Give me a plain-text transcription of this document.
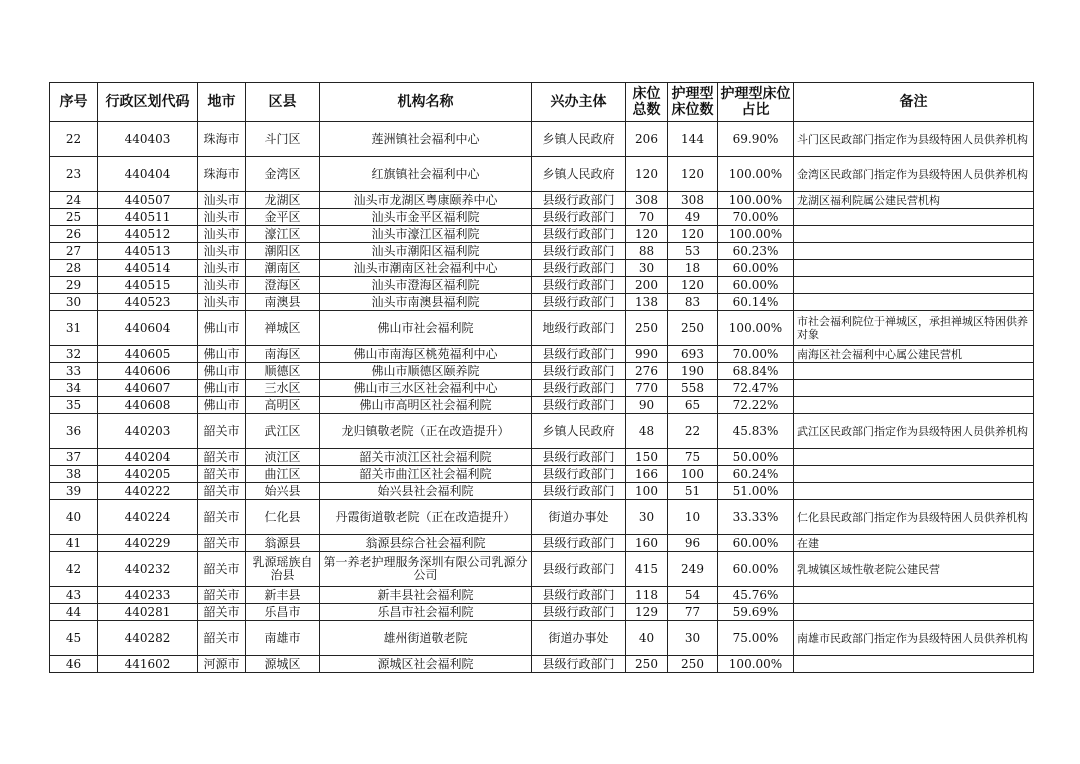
序号	行政区划代码	地市	区县	机构名称	兴办主体	床位总数	护理型床位数	护理型床位占比	备注
22	440403	珠海市	斗门区	莲洲镇社会福利中心	乡镇人民政府	206	144	69.90%	斗门区民政部门指定作为县级特困人员供养机构
23	440404	珠海市	金湾区	红旗镇社会福利中心	乡镇人民政府	120	120	100.00%	金湾区民政部门指定作为县级特困人员供养机构
24	440507	汕头市	龙湖区	汕头市龙湖区粤康颐养中心	县级行政部门	308	308	100.00%	龙湖区福利院属公建民营机构
25	440511	汕头市	金平区	汕头市金平区福利院	县级行政部门	70	49	70.00%	
26	440512	汕头市	濠江区	汕头市濠江区福利院	县级行政部门	120	120	100.00%	
27	440513	汕头市	潮阳区	汕头市潮阳区福利院	县级行政部门	88	53	60.23%	
28	440514	汕头市	潮南区	汕头市潮南区社会福利中心	县级行政部门	30	18	60.00%	
29	440515	汕头市	澄海区	汕头市澄海区福利院	县级行政部门	200	120	60.00%	
30	440523	汕头市	南澳县	汕头市南澳县福利院	县级行政部门	138	83	60.14%	
31	440604	佛山市	禅城区	佛山市社会福利院	地级行政部门	250	250	100.00%	市社会福利院位于禅城区，承担禅城区特困供养对象
32	440605	佛山市	南海区	佛山市南海区桃苑福利中心	县级行政部门	990	693	70.00%	南海区社会福利中心属公建民营机
33	440606	佛山市	顺德区	佛山市顺德区颐养院	县级行政部门	276	190	68.84%	
34	440607	佛山市	三水区	佛山市三水区社会福利中心	县级行政部门	770	558	72.47%	
35	440608	佛山市	高明区	佛山市高明区社会福利院	县级行政部门	90	65	72.22%	
36	440203	韶关市	武江区	龙归镇敬老院（正在改造提升）	乡镇人民政府	48	22	45.83%	武江区民政部门指定作为县级特困人员供养机构
37	440204	韶关市	浈江区	韶关市浈江区社会福利院	县级行政部门	150	75	50.00%	
38	440205	韶关市	曲江区	韶关市曲江区社会福利院	县级行政部门	166	100	60.24%	
39	440222	韶关市	始兴县	始兴县社会福利院	县级行政部门	100	51	51.00%	
40	440224	韶关市	仁化县	丹霞街道敬老院（正在改造提升）	街道办事处	30	10	33.33%	仁化县民政部门指定作为县级特困人员供养机构
41	440229	韶关市	翁源县	翁源县综合社会福利院	县级行政部门	160	96	60.00%	在建
42	440232	韶关市	乳源瑶族自治县	第一养老护理服务深圳有限公司乳源分公司	县级行政部门	415	249	60.00%	乳城镇区域性敬老院公建民营
43	440233	韶关市	新丰县	新丰县社会福利院	县级行政部门	118	54	45.76%	
44	440281	韶关市	乐昌市	乐昌市社会福利院	县级行政部门	129	77	59.69%	
45	440282	韶关市	南雄市	雄州街道敬老院	街道办事处	40	30	75.00%	南雄市民政部门指定作为县级特困人员供养机构
46	441602	河源市	源城区	源城区社会福利院	县级行政部门	250	250	100.00%	
